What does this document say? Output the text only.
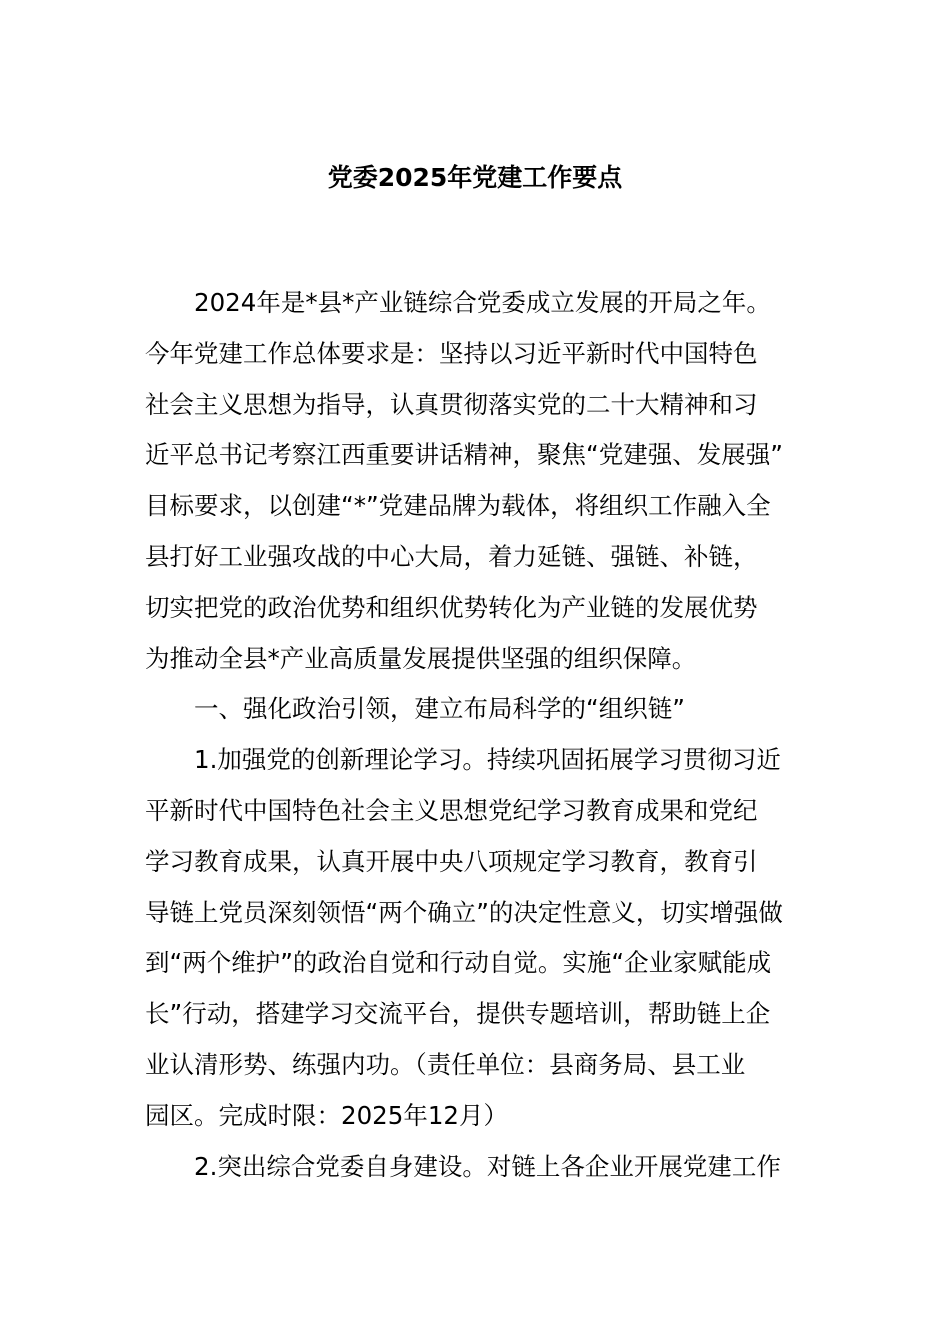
党委2025年党建工作要点
2024年是*县*产业链综合党委成立发展的开局之年。
今年党建工作总体要求是：坚持以习近平新时代中国特色
社会主义思想为指导，认真贯彻落实党的二十大精神和习
近平总书记考察江西重要讲话精神，聚焦“党建强、发展强”
目标要求，以创建“*”党建品牌为载体，将组织工作融入全
县打好工业强攻战的中心大局，着力延链、强链、补链，
切实把党的政治优势和组织优势转化为产业链的发展优势
为推动全县*产业高质量发展提供坚强的组织保障。
一、强化政治引领，建立布局科学的“组织链”
1.加强党的创新理论学习。持续巩固拓展学习贯彻习近
平新时代中国特色社会主义思想党纪学习教育成果和党纪
学习教育成果，认真开展中央八项规定学习教育，教育引
导链上党员深刻领悟“两个确立”的决定性意义，切实增强做
到“两个维护”的政治自觉和行动自觉。实施“企业家赋能成
长”行动，搭建学习交流平台，提供专题培训，帮助链上企
业认清形势、练强内功。（责任单位：县商务局、县工业
园区。完成时限：2025年12月）
2.突出综合党委自身建设。对链上各企业开展党建工作
